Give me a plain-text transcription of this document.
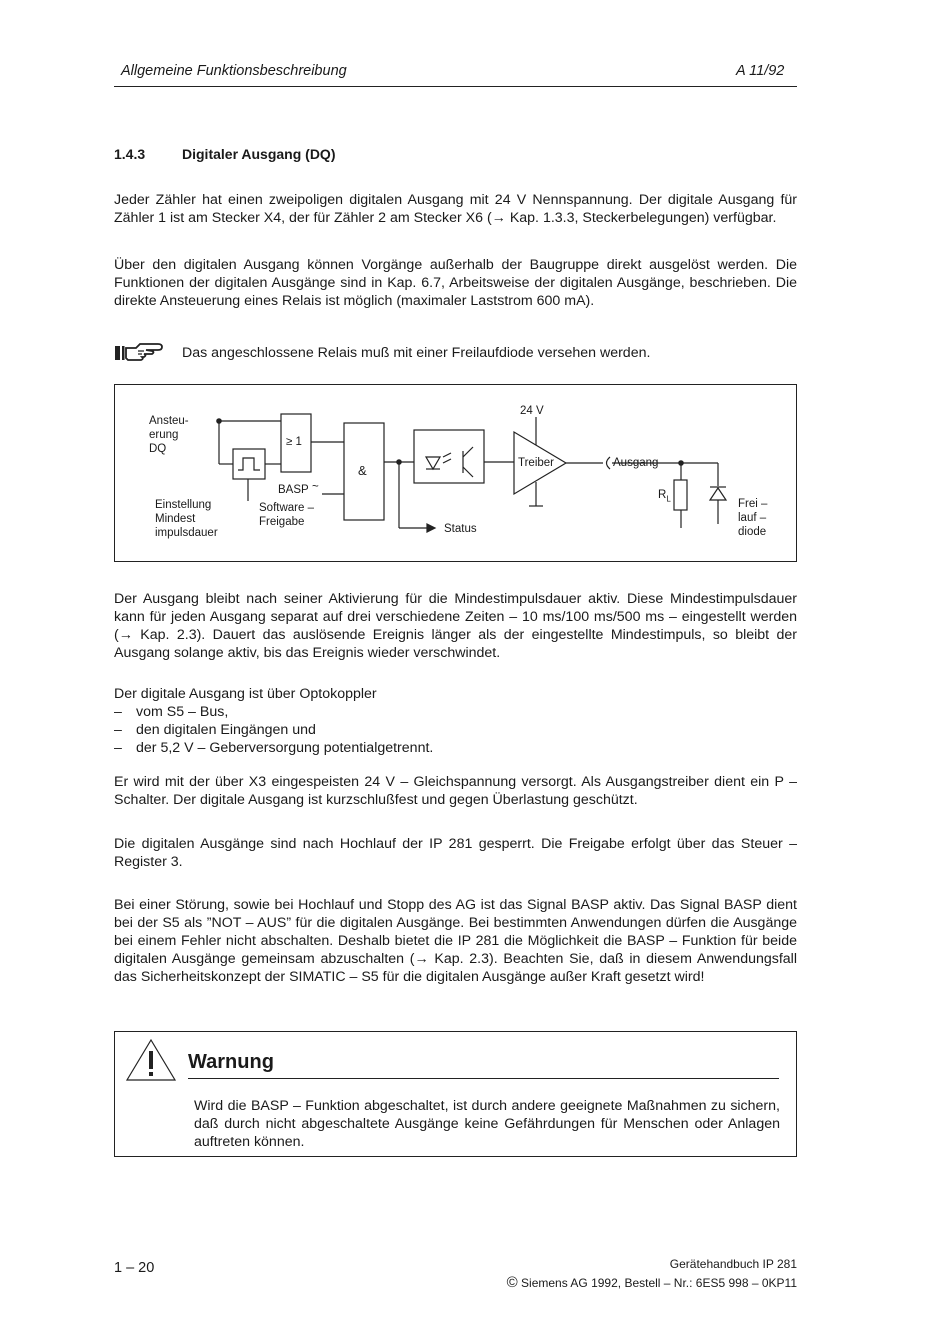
Allgemeine Funktionsbeschreibung	A 11/92
1.4.3	Digitaler Ausgang (DQ)
Jeder Zähler hat einen zweipoligen digitalen Ausgang mit 24 V Nennspannung. Der digitale Ausgang für Zähler 1 ist am Stecker X4, der für Zähler 2 am Stecker X6 (→ Kap. 1.3.3, Steckerbelegungen) verfügbar.
Über den digitalen Ausgang können Vorgänge außerhalb der Baugruppe direkt ausgelöst werden. Die Funktionen der digitalen Ausgänge sind in Kap. 6.7, Arbeitsweise der digitalen Ausgänge, beschrieben. Die direkte Ansteuerung eines Relais ist möglich (maximaler Laststrom 600 mA).
Das angeschlossene Relais muß mit einer Freilaufdiode versehen werden.
Ansteu-
erung
DQ
Einstellung
Mindest
impulsdauer
≥ 1
&
BASP ~
Software –
Freigabe
24 V
Treiber	Ausgang
Status
$R_L$	Frei –
lauf –
diode
Der Ausgang bleibt nach seiner Aktivierung für die Mindestimpulsdauer aktiv. Diese Mindestimpulsdauer kann für jeden Ausgang separat auf drei verschiedene Zeiten – 10 ms/100 ms/500 ms – eingestellt werden (→ Kap. 2.3). Dauert das auslösende Ereignis länger als der eingestellte Mindestimpuls, so bleibt der Ausgang solange aktiv, bis das Ereignis wieder verschwindet.
Der digitale Ausgang ist über Optokoppler
– vom S5 – Bus,
– den digitalen Eingängen und
– der 5,2 V – Geberversorgung potentialgetrennt.
Er wird mit der über X3 eingespeisten 24 V – Gleichspannung versorgt. Als Ausgangstreiber dient ein P – Schalter. Der digitale Ausgang ist kurzschlußfest und gegen Überlastung geschützt.
Die digitalen Ausgänge sind nach Hochlauf der IP 281 gesperrt. Die Freigabe erfolgt über das Steuer – Register 3.
Bei einer Störung, sowie bei Hochlauf und Stopp des AG ist das Signal BASP aktiv. Das Signal BASP dient bei der S5 als ”NOT – AUS” für die digitalen Ausgänge. Bei bestimmten Anwendungen dürfen die Ausgänge bei einem Fehler nicht abschalten. Deshalb bietet die IP 281 die Möglichkeit die BASP – Funktion für beide digitalen Ausgänge gemeinsam abzuschalten (→ Kap. 2.3). Beachten Sie, daß in diesem Anwendungsfall das Sicherheitskonzept der SIMATIC – S5 für die digitalen Ausgänge außer Kraft gesetzt wird!
Warnung
Wird die BASP – Funktion abgeschaltet, ist durch andere geeignete Maßnahmen zu sichern, daß durch nicht abgeschaltete Ausgänge keine Gefährdungen für Menschen oder Anlagen auftreten können.
1 – 20	Gerätehandbuch IP 281
© Siemens AG 1992, Bestell – Nr.: 6ES5 998 – 0KP11
